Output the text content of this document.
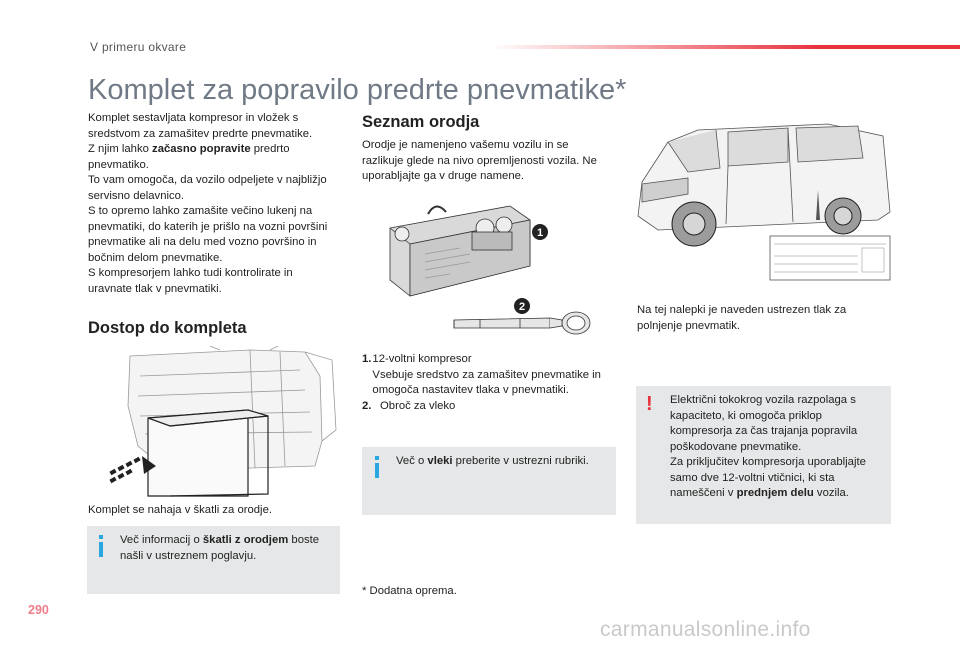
V primeru okvare
Komplet za popravilo predrte pnevmatike*
Komplet sestavljata kompresor in vložek s sredstvom za zamašitev predrte pnevmatike.
Z njim lahko začasno popravite predrto pnevmatiko.
To vam omogoča, da vozilo odpeljete v najbližjo servisno delavnico.
S to opremo lahko zamašite večino lukenj na pnevmatiki, do katerih je prišlo na vozni površini pnevmatike ali na delu med vozno površino in bočnim delom pnevmatike.
S kompresorjem lahko tudi kontrolirate in uravnate tlak v pnevmatiki.
Dostop do kompleta
Komplet se nahaja v škatli za orodje.
Več informacij o škatli z orodjem boste našli v ustreznem poglavju.
Seznam orodja
Orodje je namenjeno vašemu vozilu in se razlikuje glede na nivo opremljenosti vozila. Ne uporabljajte ga v druge namene.
1
2
1. 12-voltni kompresor
Vsebuje sredstvo za zamašitev pnevmatike in omogoča nastavitev tlaka v pnevmatiki.
2. Obroč za vleko
Več o vleki preberite v ustrezni rubriki.
* Dodatna oprema.
Na tej nalepki je naveden ustrezen tlak za polnjenje pnevmatik.
! Električni tokokrog vozila razpolaga s kapaciteto, ki omogoča priklop kompresorja za čas trajanja popravila poškodovane pnevmatike.
Za priključitev kompresorja uporabljajte samo dve 12-voltni vtičnici, ki sta nameščeni v prednjem delu vozila.
290
carmanualsonline.info
